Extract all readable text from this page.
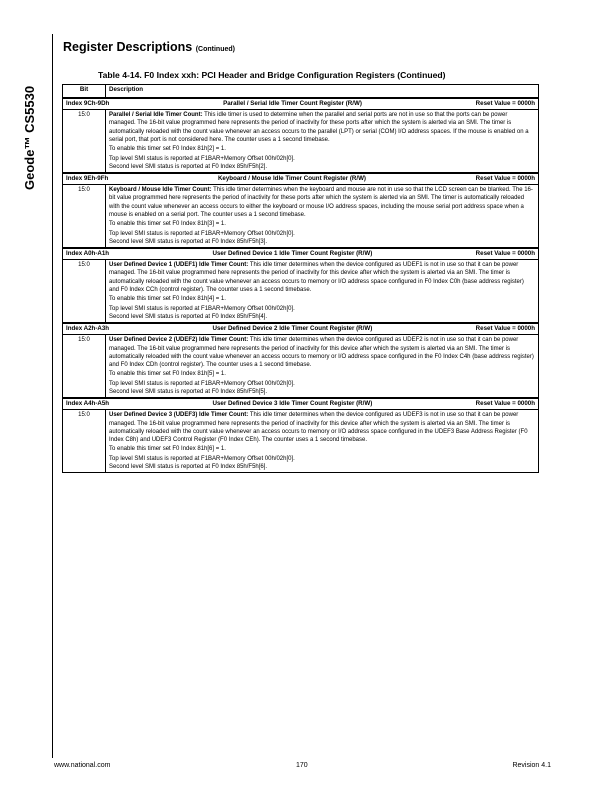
Geode™ CS5530
Register Descriptions (Continued)
Table 4-14. F0 Index xxh: PCI Header and Bridge Configuration Registers (Continued)
Bit	Description

Index 9Ch-9Dh Parallel / Serial Idle Timer Count Register (R/W) Reset Value = 0000h	

15:0	Parallel / Serial Idle Timer Count: This idle timer is used to determine when the parallel and serial ports are not in use so that the ports can be power managed. The 16-bit value programmed here represents the period of inactivity for these ports after which the system is alerted via an SMI. The timer is automatically reloaded with the count value whenever an access occurs to the parallel (LPT) or serial (COM) I/O address spaces. If the mouse is enabled on a serial port, that port is not considered here. The counter uses a 1 second timebase.

To enable this timer set F0 Index 81h[2] = 1.

Top level SMI status is reported at F1BAR+Memory Offset 00h/02h[0].

Second level SMI status is reported at F0 Index 85h/F5h[2].

Index 9Eh-9Fh Keyboard / Mouse Idle Timer Count Register (R/W) Reset Value = 0000h	

15:0	Keyboard / Mouse Idle Timer Count: This idle timer determines when the keyboard and mouse are not in use so that the LCD screen can be blanked. The 16-bit value programmed here represents the period of inactivity for these ports after which the system is alerted via an SMI. The timer is automatically reloaded with the count value whenever an access occurs to either the keyboard or mouse I/O address spaces, including the mouse serial port address space when a mouse is enabled on a serial port. The counter uses a 1 second timebase.

To enable this timer set F0 Index 81h[3] = 1.

Top level SMI status is reported at F1BAR+Memory Offset 00h/02h[0].

Second level SMI status is reported at F0 Index 85h/F5h[3].

Index A0h-A1h User Defined Device 1 Idle Timer Count Register (R/W) Reset Value = 0000h	

15:0	User Defined Device 1 (UDEF1) Idle Timer Count: This idle timer determines when the device configured as UDEF1 is not in use so that it can be power managed. The 16-bit value programmed here represents the period of inactivity for this device after which the system is alerted via an SMI. The timer is automatically reloaded with the count value whenever an access occurs to memory or I/O address space configured in F0 Index C0h (base address register) and F0 Index CCh (control register). The counter uses a 1 second timebase.

To enable this timer set F0 Index 81h[4] = 1.

Top level SMI status is reported at F1BAR+Memory Offset 00h/02h[0].

Second level SMI status is reported at F0 Index 85h/F5h[4].

Index A2h-A3h User Defined Device 2 Idle Timer Count Register (R/W) Reset Value = 0000h	

15:0	User Defined Device 2 (UDEF2) Idle Timer Count: This idle timer determines when the device configured as UDEF2 is not in use so that it can be power managed. The 16-bit value programmed here represents the period of inactivity for this device after which the system is alerted via an SMI. The timer is automatically reloaded with the count value whenever an access occurs to memory or I/O address space configured in the F0 Index C4h (base address register) and F0 Index CDh (control register). The counter uses a 1 second timebase.

To enable this timer set F0 Index 81h[5] = 1.

Top level SMI status is reported at F1BAR+Memory Offset 00h/02h[0].

Second level SMI status is reported at F0 Index 85h/F5h[5].

Index A4h-A5h User Defined Device 3 Idle Timer Count Register (R/W) Reset Value = 0000h	

15:0	User Defined Device 3 (UDEF3) Idle Timer Count: This idle timer determines when the device configured as UDEF3 is not in use so that it can be power managed. The 16-bit value programmed here represents the period of inactivity for this device after which the system is alerted via an SMI. The timer is automatically reloaded with the count value whenever an access occurs to memory or I/O address space configured in the UDEF3 Base Address Register (F0 Index C8h) and UDEF3 Control Register (F0 Index CEh). The counter uses a 1 second timebase.

To enable this timer set F0 Index 81h[6] = 1.

Top level SMI status is reported at F1BAR+Memory Offset 00h/02h[0].

Second level SMI status is reported at F0 Index 85h/F5h[6].

www.national.com	170	Revision 4.1
